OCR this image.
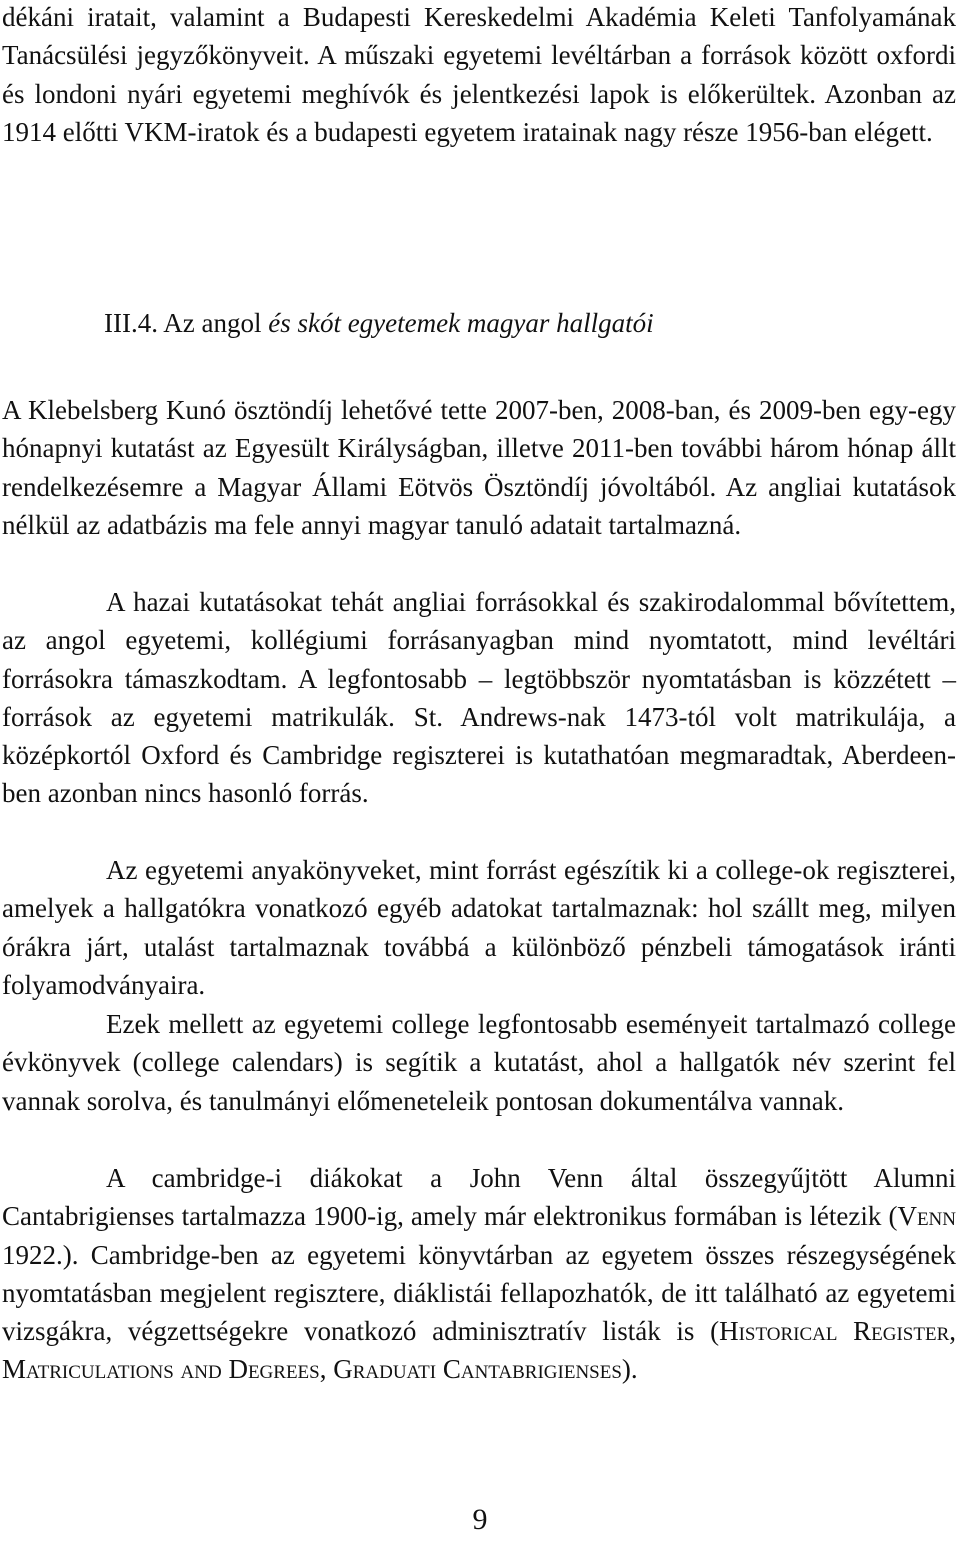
dékáni iratait, valamint a Budapesti Kereskedelmi Akadémia Keleti Tanfolyamának Tanácsülési jegyzőkönyveit. A műszaki egyetemi levéltárban a források között oxfordi és londoni nyári egyetemi meghívók és jelentkezési lapok is előkerültek. Azonban az 1914 előtti VKM-iratok és a budapesti egyetem iratainak nagy része 1956-ban elégett.

III.4. Az angol és skót egyetemek magyar hallgatói

A Klebelsberg Kunó ösztöndíj lehetővé tette 2007-ben, 2008-ban, és 2009-ben egy-egy hónapnyi kutatást az Egyesült Királyságban, illetve 2011-ben további három hónap állt rendelkezésemre a Magyar Állami Eötvös Ösztöndíj jóvoltából. Az angliai kutatások nélkül az adatbázis ma fele annyi magyar tanuló adatait tartalmazná.

A hazai kutatásokat tehát angliai forrásokkal és szakirodalommal bővítettem, az angol egyetemi, kollégiumi forrásanyagban mind nyomtatott, mind levéltári forrásokra támaszkodtam. A legfontosabb – legtöbbször nyomtatásban is közzétett – források az egyetemi matrikulák. St. Andrews-nak 1473-tól volt matrikulája, a középkortól Oxford és Cambridge regiszterei is kutathatóan megmaradtak, Aberdeen-ben azonban nincs hasonló forrás.

Az egyetemi anyakönyveket, mint forrást egészítik ki a college-ok regiszterei, amelyek a hallgatókra vonatkozó egyéb adatokat tartalmaznak: hol szállt meg, milyen órákra járt, utalást tartalmaznak továbbá a különböző pénzbeli támogatások iránti folyamodványaira.

Ezek mellett az egyetemi college legfontosabb eseményeit tartalmazó college évkönyvek (college calendars) is segítik a kutatást, ahol a hallgatók név szerint fel vannak sorolva, és tanulmányi előmeneteleik pontosan dokumentálva vannak.

A cambridge-i diákokat a John Venn által összegyűjtött Alumni Cantabrigienses tartalmazza 1900-ig, amely már elektronikus formában is létezik (Venn 1922.). Cambridge-ben az egyetemi könyvtárban az egyetem összes részegységének nyomtatásban megjelent regisztere, diáklistái fellapozhatók, de itt található az egyetemi vizsgákra, végzettségekre vonatkozó adminisztratív listák is (Historical Register, Matriculations and Degrees, Graduati Cantabrigienses).

9
